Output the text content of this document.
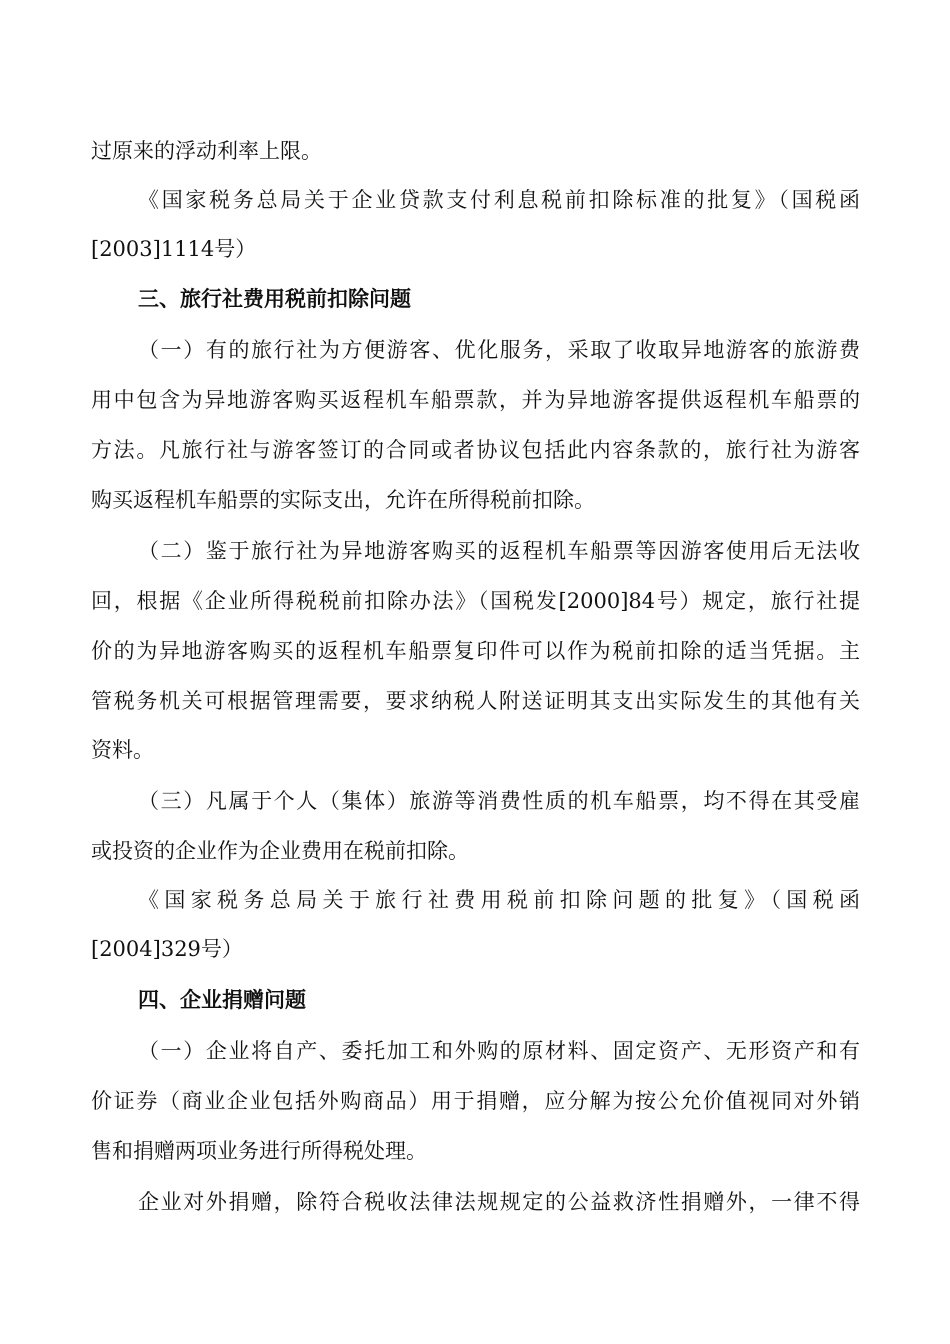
过原来的浮动利率上限。
《国家税务总局关于企业贷款支付利息税前扣除标准的批复》（国税函
[2003]1114号）
三、旅行社费用税前扣除问题
（一）有的旅行社为方便游客、优化服务，采取了收取异地游客的旅游费
用中包含为异地游客购买返程机车船票款，并为异地游客提供返程机车船票的
方法。凡旅行社与游客签订的合同或者协议包括此内容条款的，旅行社为游客
购买返程机车船票的实际支出，允许在所得税前扣除。
（二）鉴于旅行社为异地游客购买的返程机车船票等因游客使用后无法收
回，根据《企业所得税税前扣除办法》（国税发[2000]84号）规定，旅行社提
价的为异地游客购买的返程机车船票复印件可以作为税前扣除的适当凭据。主
管税务机关可根据管理需要，要求纳税人附送证明其支出实际发生的其他有关
资料。
（三）凡属于个人（集体）旅游等消费性质的机车船票，均不得在其受雇
或投资的企业作为企业费用在税前扣除。
《国家税务总局关于旅行社费用税前扣除问题的批复》（国税函
[2004]329号）
四、企业捐赠问题
（一）企业将自产、委托加工和外购的原材料、固定资产、无形资产和有
价证券（商业企业包括外购商品）用于捐赠，应分解为按公允价值视同对外销
售和捐赠两项业务进行所得税处理。
企业对外捐赠，除符合税收法律法规规定的公益救济性捐赠外，一律不得
